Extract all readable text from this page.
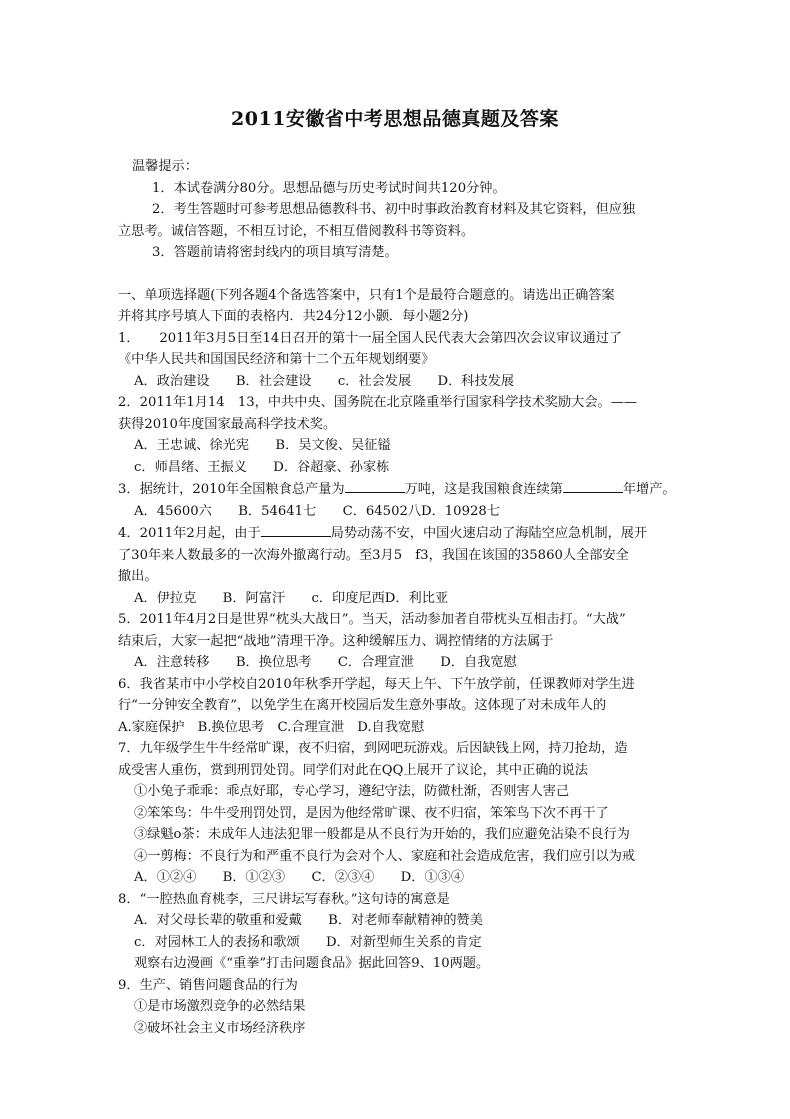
2011安徽省中考思想品德真题及答案
温馨提示：
1．本试卷满分80分。思想品德与历史考试时间共120分钟。
2．考生答题时可参考思想品德教科书、初中时事政治教育材料及其它资料，但应独
立思考。诚信答题，不相互讨论，不相互借阅教科书等资料。
3．答题前请将密封线内的项目填写清楚。
一、单项选择题(下列各题4个备选答案中，只有1个是最符合题意的。请选出正确答案
并将其序号填人下面的表格内．共24分12小颢．每小题2分)
1．　　2011年3月5日至14日召开的第十一届全国人民代表大会第四次会议审议通过了
《中华人民共和国国民经济和第十二个五年规划纲要》
A．政治建设　　B．社会建设　　c．社会发展　　D．科技发展
2．2011年1月14　13，中共中央、国务院在北京隆重举行国家科学技术奖励大会。——
获得2010年度国家最高科学技术奖。
A．王忠诚、徐光宪　　B．吴文俊、吴征镒
c．师昌绪、王振义　　D．谷超豪、孙家栋
3．据统计，2010年全国粮食总产量为	万吨，这是我国粮食连续第	年增产。
A．45600六　　B．54641七　　C．64502八D．10928七
4．2011年2月起，由于	局势动荡不安，中国火速启动了海陆空应急机制，展开
了30年来人数最多的一次海外撤离行动。至3月5　f3，我国在该国的35860人全部安全
撤出。
A．伊拉克　　B．阿富汗　　c．印度尼西D．利比亚
5．2011年4月2日是世界“枕头大战日”。当天，活动参加者自带枕头互相击打。“大战”
结束后，大家一起把“战地”清理干净。这种缓解压力、调控情绪的方法属于
A．注意转移　　B．换位思考　　C．合理宣泄　　D．自我宽慰
6．我省某市中小学校自2010年秋季开学起，每天上午、下午放学前，任课教师对学生进
行“一分钟安全教育”，以免学生在离开校园后发生意外事故。这体现了对未成年人的
A.家庭保护　B.换位思考　C.合理宣泄　D.自我宽慰
7．九年级学生牛牛经常旷课，夜不归宿，到网吧玩游戏。后因缺钱上网，持刀抢劫，造
成受害人重伤，赏到刑罚处罚。同学们对此在QQ上展开了议论，其中正确的说法
①小兔子乖乖：乖点好耶，专心学习，遵纪守法，防微杜渐，否则害人害己
②笨笨鸟：牛牛受刑罚处罚，是因为他经常旷课、夜不归宿，笨笨鸟下次不再干了
③绿魁o茶：未成年人违法犯罪一般都是从不良行为开始的，我们应避免沾染不良行为
④一剪梅：不良行为和严重不良行为会对个人、家庭和社会造成危害，我们应引以为戒
A．①②④　　B．①②③　　C．②③④　　D．①③④
8．“一腔热血育桃李，三尺讲坛写春秋。”这句诗的寓意是
A．对父母长辈的敬重和爱戴　　B．对老师奉献精神的赞美
c．对园林工人的表扬和歌颂　　D．对新型师生关系的肯定
观察右边漫画《“重拳”打击问题食品》据此回答9、10两题。
9．生产、销售问题食品的行为
①是市场激烈竞争的必然结果
②破坏社会主义市场经济秩序
